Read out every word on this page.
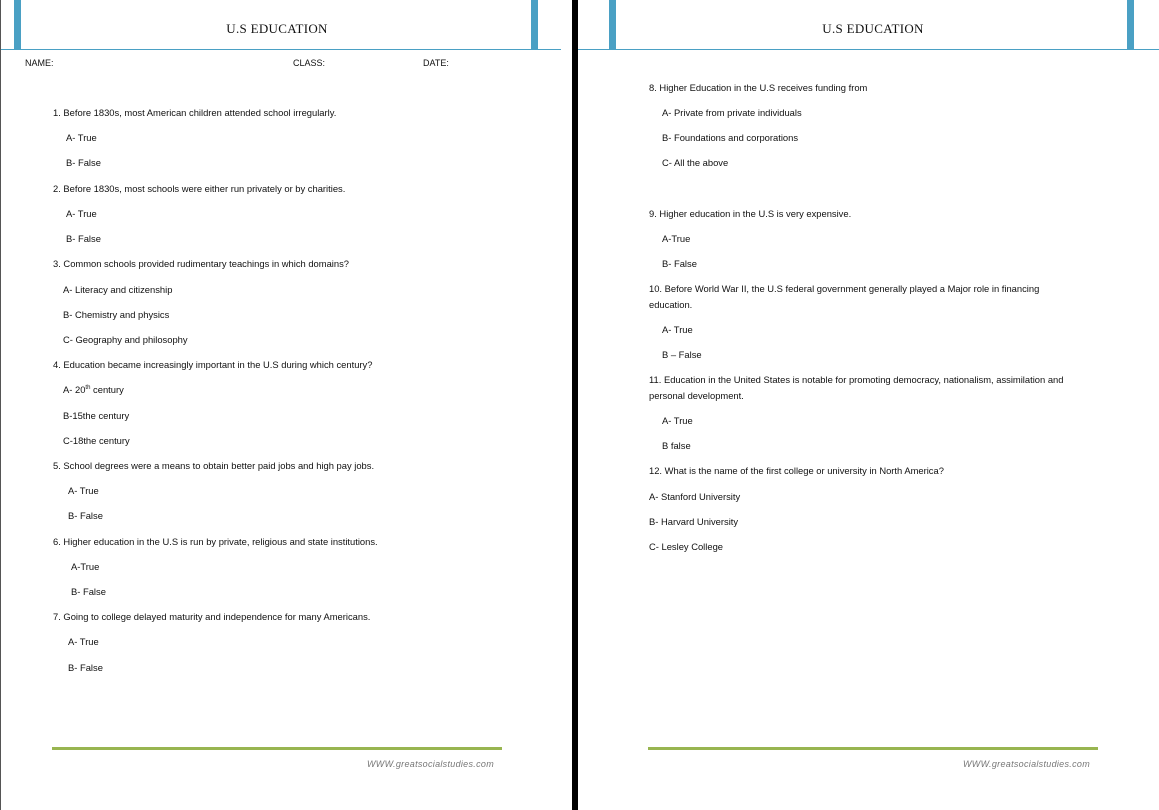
U.S EDUCATION
NAME:	CLASS:	DATE:
1. Before 1830s, most American children attended school irregularly.
A- True
B- False
2. Before 1830s, most schools were either run privately or by charities.
A- True
B- False
3. Common schools provided rudimentary teachings in which domains?
A- Literacy and citizenship
B- Chemistry and physics
C- Geography and philosophy
4. Education became increasingly important in the U.S during which century?
A- 20th century
B-15the century
C-18the century
5. School degrees were a means to obtain better paid jobs and high pay jobs.
A- True
B- False
6. Higher education in the U.S is run by private, religious and state institutions.
A-True
B- False
7. Going to college delayed maturity and independence for many Americans.
A- True
B- False
WWW.greatsocialstudies.com
U.S EDUCATION
8. Higher Education in the U.S receives funding from
A- Private from private individuals
B- Foundations and corporations
C- All the above
9. Higher education in the U.S is very expensive.
A-True
B- False
10. Before World War II, the U.S federal government generally played a Major role in financing
education.
A- True
B – False
11. Education in the United States is notable for promoting democracy, nationalism, assimilation and
personal development.
A- True
B false
12. What is the name of the first college or university in North America?
A- Stanford University
B- Harvard University
C- Lesley College
WWW.greatsocialstudies.com
